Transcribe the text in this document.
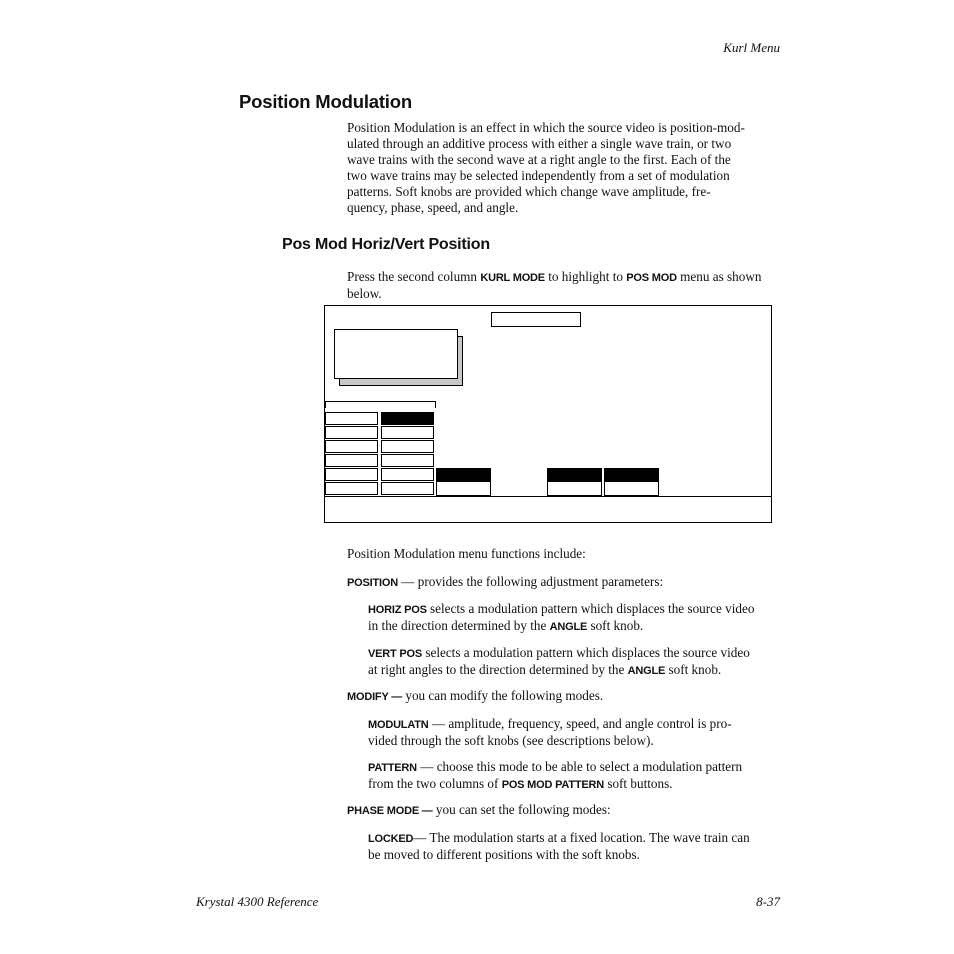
Kurl Menu
Position Modulation
Position Modulation is an effect in which the source video is position-mod-
ulated through an additive process with either a single wave train, or two
wave trains with the second wave at a right angle to the first. Each of the
two wave trains may be selected independently from a set of modulation
patterns. Soft knobs are provided which change wave amplitude, fre-
quency, phase, speed, and angle.
Pos Mod Horiz/Vert Position
Press the second column KURL MODE to highlight to POS MOD menu as shown
below.
Position Modulation menu functions include:
POSITION — provides the following adjustment parameters:
HORIZ POS selects a modulation pattern which displaces the source video
in the direction determined by the ANGLE soft knob.
VERT POS selects a modulation pattern which displaces the source video
at right angles to the direction determined by the ANGLE soft knob.
MODIFY — you can modify the following modes.
MODULATN — amplitude, frequency, speed, and angle control is pro-
vided through the soft knobs (see descriptions below).
PATTERN — choose this mode to be able to select a modulation pattern
from the two columns of POS MOD PATTERN soft buttons.
PHASE MODE — you can set the following modes:
LOCKED— The modulation starts at a fixed location. The wave train can
be moved to different positions with the soft knobs.
Krystal 4300 Reference	8-37
